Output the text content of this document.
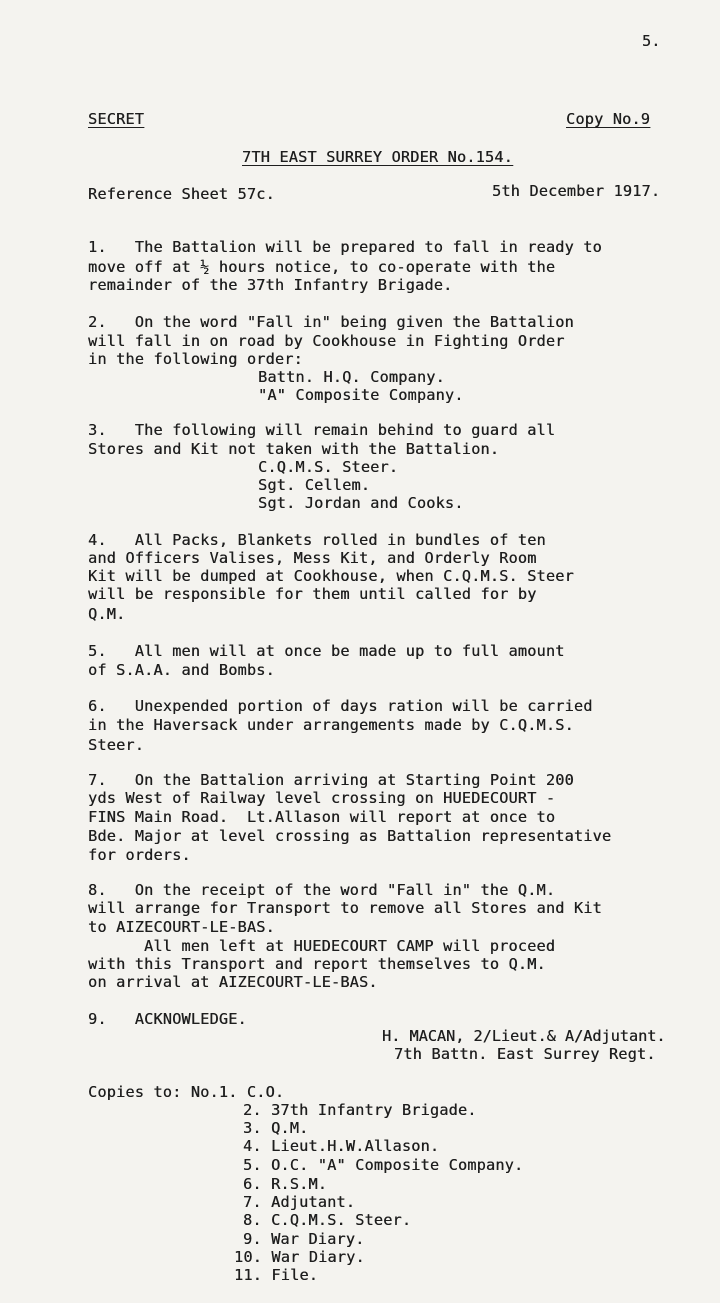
5.
SECRET	Copy No.9
7TH EAST SURREY ORDER No.154.
Reference Sheet 57c.	5th December 1917.
1.   The Battalion will be prepared to fall in ready to
move off at ½ hours notice, to co-operate with the
remainder of the 37th Infantry Brigade.
2.   On the word "Fall in" being given the Battalion
will fall in on road by Cookhouse in Fighting Order
in the following order:
Battn. H.Q. Company.
"A" Composite Company.
3.   The following will remain behind to guard all
Stores and Kit not taken with the Battalion.
C.Q.M.S. Steer.
Sgt. Cellem.
Sgt. Jordan and Cooks.
4.   All Packs, Blankets rolled in bundles of ten
and Officers Valises, Mess Kit, and Orderly Room
Kit will be dumped at Cookhouse, when C.Q.M.S. Steer
will be responsible for them until called for by
Q.M.
5.   All men will at once be made up to full amount
of S.A.A. and Bombs.
6.   Unexpended portion of days ration will be carried
in the Haversack under arrangements made by C.Q.M.S.
Steer.
7.   On the Battalion arriving at Starting Point 200
yds West of Railway level crossing on HUEDECOURT -
FINS Main Road.  Lt.Allason will report at once to
Bde. Major at level crossing as Battalion representative
for orders.
8.   On the receipt of the word "Fall in" the Q.M.
will arrange for Transport to remove all Stores and Kit
to AIZECOURT-LE-BAS.
All men left at HUEDECOURT CAMP will proceed
with this Transport and report themselves to Q.M.
on arrival at AIZECOURT-LE-BAS.
9.   ACKNOWLEDGE.
H. MACAN, 2/Lieut.& A/Adjutant.
7th Battn. East Surrey Regt.
Copies to: No.1. C.O.
2. 37th Infantry Brigade.
3. Q.M.
4. Lieut.H.W.Allason.
5. O.C. "A" Composite Company.
6. R.S.M.
7. Adjutant.
8. C.Q.M.S. Steer.
9. War Diary.
10. War Diary.
11. File.
